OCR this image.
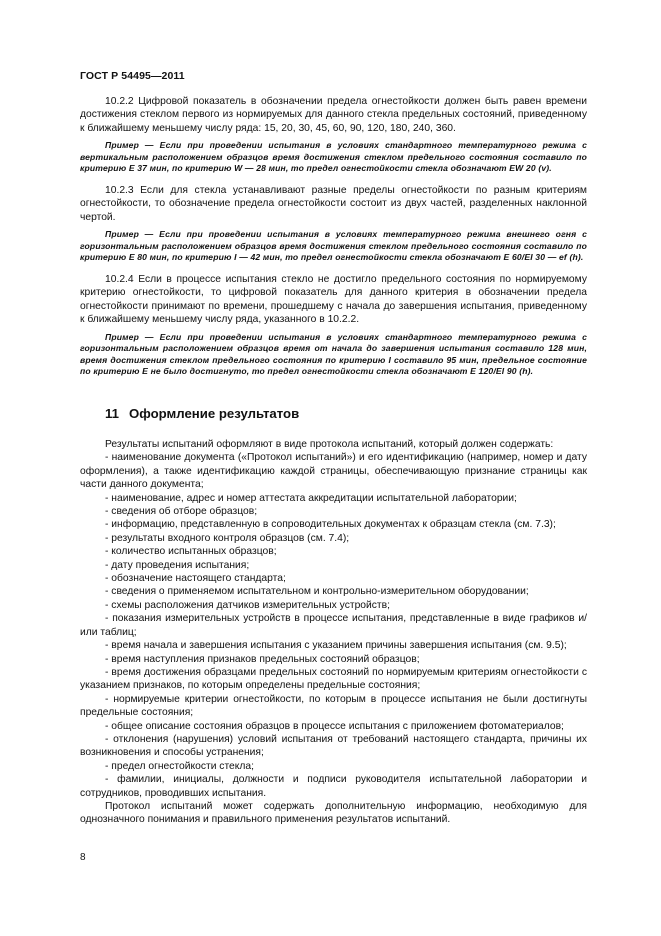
ГОСТ Р 54495—2011

10.2.2 Цифровой показатель в обозначении предела огнестойкости должен быть равен времени достижения стеклом первого из нормируемых для данного стекла предельных состояний, приведенному к ближайшему меньшему числу ряда: 15, 20, 30, 45, 60, 90, 120, 180, 240, 360.

Пример — Если при проведении испытания в условиях стандартного температурного режима с вертикальным расположением образцов время достижения стеклом предельного состояния составило по критерию E 37 мин, по критерию W — 28 мин, то предел огнестойкости стекла обозначают EW 20 (v).

10.2.3 Если для стекла устанавливают разные пределы огнестойкости по разным критериям огнестойкости, то обозначение предела огнестойкости состоит из двух частей, разделенных наклонной чертой.

Пример — Если при проведении испытания в условиях температурного режима внешнего огня с горизонтальным расположением образцов время достижения стеклом предельного состояния составило по критерию E 80 мин, по критерию I — 42 мин, то предел огнестойкости стекла обозначают E 60/EI 30 — ef (h).

10.2.4 Если в процессе испытания стекло не достигло предельного состояния по нормируемому критерию огнестойкости, то цифровой показатель для данного критерия в обозначении предела огнестойкости принимают по времени, прошедшему с начала до завершения испытания, приведенному к ближайшему меньшему числу ряда, указанного в 10.2.2.

Пример — Если при проведении испытания в условиях стандартного температурного режима с горизонтальным расположением образцов время от начала до завершения испытания составило 128 мин, время достижения стеклом предельного состояния по критерию I составило 95 мин, предельное состояние по критерию E не было достигнуто, то предел огнестойкости стекла обозначают E 120/EI 90 (h).

11 Оформление результатов

Результаты испытаний оформляют в виде протокола испытаний, который должен содержать:

- наименование документа («Протокол испытаний») и его идентификацию (например, номер и дату оформления), а также идентификацию каждой страницы, обеспечивающую признание страницы как части данного документа;

- наименование, адрес и номер аттестата аккредитации испытательной лаборатории;

- сведения об отборе образцов;

- информацию, представленную в сопроводительных документах к образцам стекла (см. 7.3);

- результаты входного контроля образцов (см. 7.4);

- количество испытанных образцов;

- дату проведения испытания;

- обозначение настоящего стандарта;

- сведения о применяемом испытательном и контрольно-измерительном оборудовании;

- схемы расположения датчиков измерительных устройств;

- показания измерительных устройств в процессе испытания, представленные в виде графиков и/или таблиц;

- время начала и завершения испытания с указанием причины завершения испытания (см. 9.5);

- время наступления признаков предельных состояний образцов;

- время достижения образцами предельных состояний по нормируемым критериям огнестойкости с указанием признаков, по которым определены предельные состояния;

- нормируемые критерии огнестойкости, по которым в процессе испытания не были достигнуты предельные состояния;

- общее описание состояния образцов в процессе испытания с приложением фотоматериалов;

- отклонения (нарушения) условий испытания от требований настоящего стандарта, причины их возникновения и способы устранения;

- предел огнестойкости стекла;

- фамилии, инициалы, должности и подписи руководителя испытательной лаборатории и сотрудников, проводивших испытания.

Протокол испытаний может содержать дополнительную информацию, необходимую для однозначного понимания и правильного применения результатов испытаний.

8
